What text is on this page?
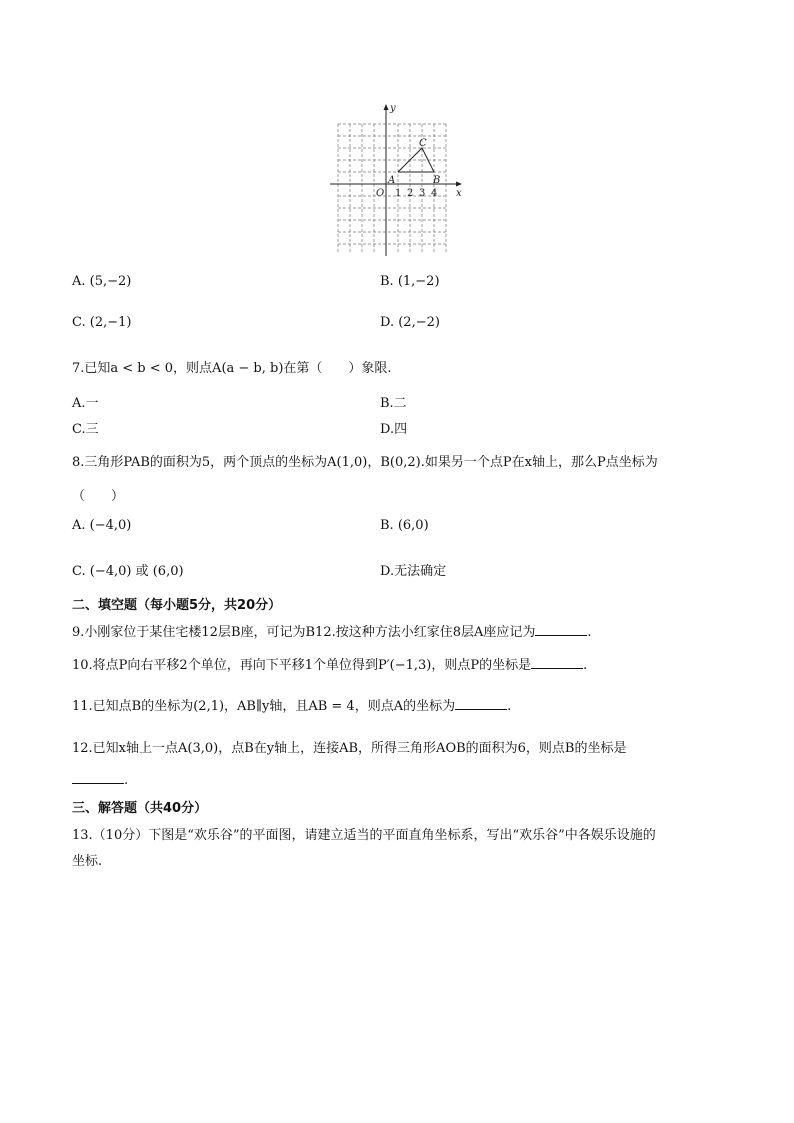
y
x
O
A	B
C
1 2 3 4
A. (5,−2)	B. (1,−2)
C. (2,−1)	D. (2,−2)
7.已知a < b < 0，则点A(a − b, b)在第（　　）象限.
A.一	B.二
C.三	D.四
8.三角形PAB的面积为5，两个顶点的坐标为A(1,0)，B(0,2).如果另一个点P在x轴上，那么P点坐标为
（　　）
A. (−4,0)	B. (6,0)
C. (−4,0) 或 (6,0)	D.无法确定
二、填空题（每小题5分，共20分）
9.小刚家位于某住宅楼12层B座，可记为B12.按这种方法小红家住8层A座应记为	.
10.将点P向右平移2个单位，再向下平移1个单位得到P′(−1,3)，则点P的坐标是	.
11.已知点B的坐标为(2,1)，AB∥y轴，且AB = 4，则点A的坐标为	.
12.已知x轴上一点A(3,0)，点B在y轴上，连接AB，所得三角形AOB的面积为6，则点B的坐标是
.
三、解答题（共40分）
13.（10分）下图是“欢乐谷”的平面图，请建立适当的平面直角坐标系，写出“欢乐谷”中各娱乐设施的
坐标.
